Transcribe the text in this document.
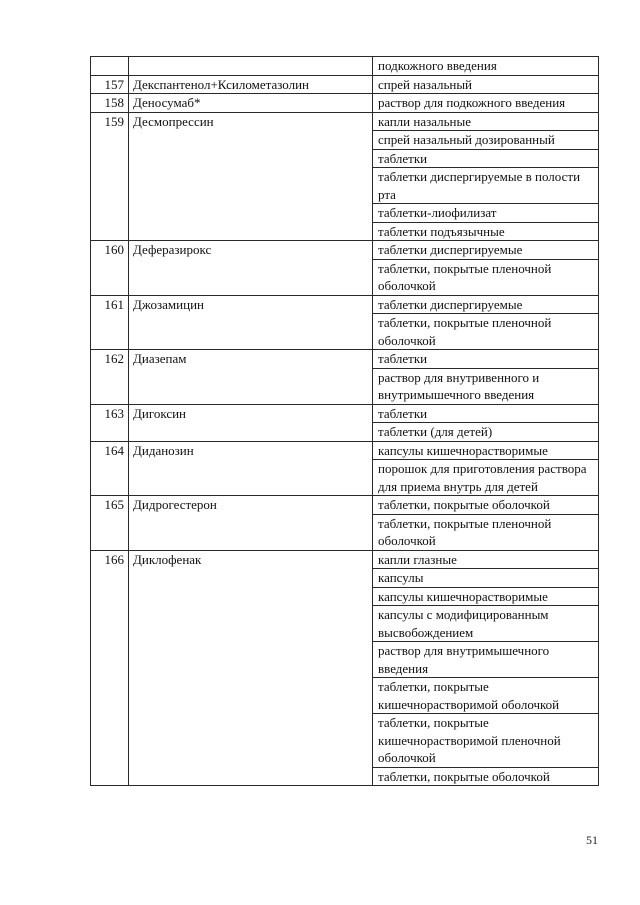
		подкожного введения
157	Декспантенол+Ксилометазолин	спрей назальный
158	Деносумаб*	раствор для подкожного введения
159	Десмопрессин	капли назальные
		спрей назальный дозированный
		таблетки
		таблетки диспергируемые в полости рта
		таблетки-лиофилизат
		таблетки подъязычные
160	Деферазирокс	таблетки диспергируемые
		таблетки, покрытые пленочной оболочкой
161	Джозамицин	таблетки диспергируемые
		таблетки, покрытые пленочной оболочкой
162	Диазепам	таблетки
		раствор для внутривенного и внутримышечного введения
163	Дигоксин	таблетки
		таблетки (для детей)
164	Диданозин	капсулы кишечнорастворимые
		порошок для приготовления раствора для приема внутрь для детей
165	Дидрогестерон	таблетки, покрытые оболочкой
		таблетки, покрытые пленочной оболочкой
166	Диклофенак	капли глазные
		капсулы
		капсулы кишечнорастворимые
		капсулы с модифицированным высвобождением
		раствор для внутримышечного введения
		таблетки, покрытые кишечнорастворимой оболочкой
		таблетки, покрытые кишечнорастворимой пленочной оболочкой
		таблетки, покрытые оболочкой
51
